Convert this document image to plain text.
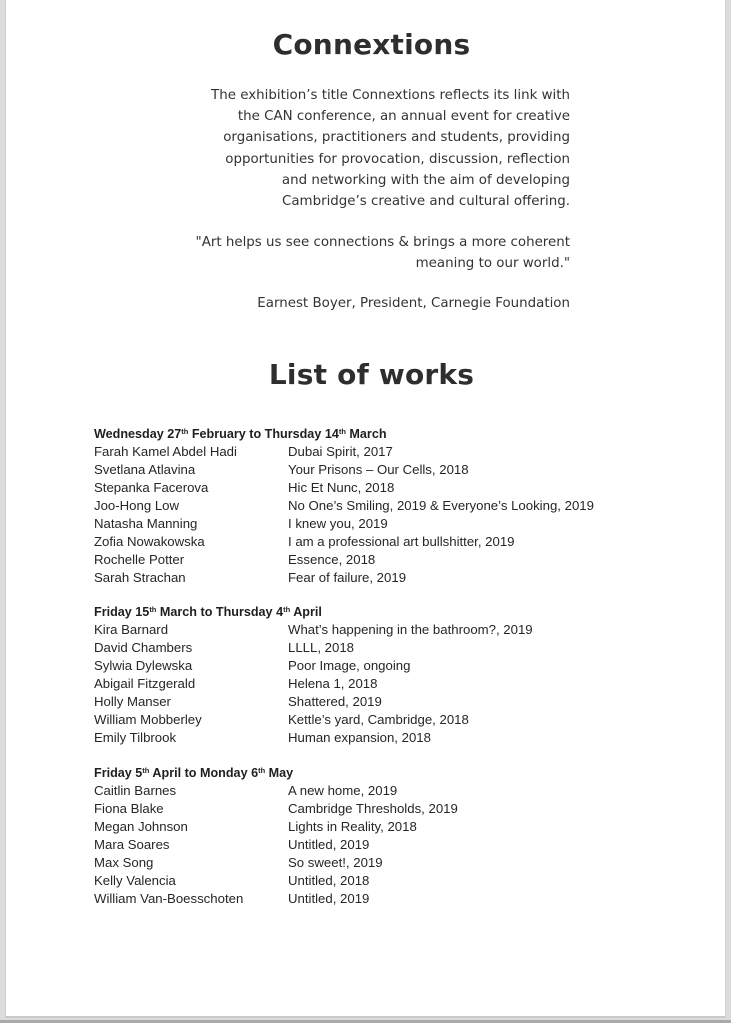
Connextions
The exhibition’s title Connextions reflects its link with
the CAN conference, an annual event for creative
organisations, practitioners and students, providing
opportunities for provocation, discussion, reflection
and networking with the aim of developing
Cambridge’s creative and cultural offering.
"Art helps us see connections & brings a more coherent
meaning to our world."
Earnest Boyer, President, Carnegie Foundation
List of works
Wednesday 27th February to Thursday 14th March
Farah Kamel Abdel Hadi	Dubai Spirit, 2017
Svetlana Atlavina	Your Prisons – Our Cells, 2018
Stepanka Facerova	Hic Et Nunc, 2018
Joo-Hong Low	No One’s Smiling, 2019 & Everyone’s Looking, 2019
Natasha Manning	I knew you, 2019
Zofia Nowakowska	I am a professional art bullshitter, 2019
Rochelle Potter	Essence, 2018
Sarah Strachan	Fear of failure, 2019
Friday 15th March to Thursday 4th April
Kira Barnard	What’s happening in the bathroom?, 2019
David Chambers	LLLL, 2018
Sylwia Dylewska	Poor Image, ongoing
Abigail Fitzgerald	Helena 1, 2018
Holly Manser	Shattered, 2019
William Mobberley	Kettle’s yard, Cambridge, 2018
Emily Tilbrook	Human expansion, 2018
Friday 5th April to Monday 6th May
Caitlin Barnes	A new home, 2019
Fiona Blake	Cambridge Thresholds, 2019
Megan Johnson	Lights in Reality, 2018
Mara Soares	Untitled, 2019
Max Song	So sweet!, 2019
Kelly Valencia	Untitled, 2018
William Van-Boesschoten	Untitled, 2019
